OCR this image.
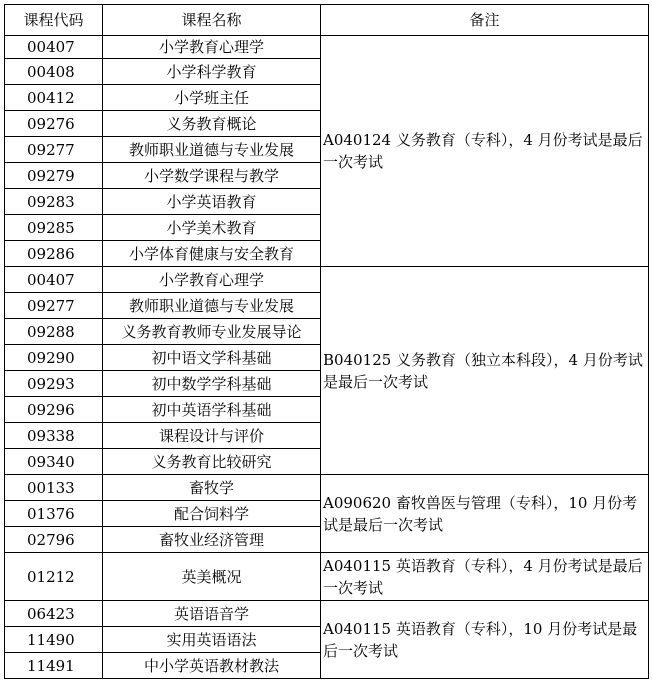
课程代码	课程名称	备注
00407	小学教育心理学	A040124 义务教育（专科），4 月份考试是最后一次考试
00408	小学科学教育	
00412	小学班主任	
09276	义务教育概论	
09277	教师职业道德与专业发展	
09279	小学数学课程与教学	
09283	小学英语教育	
09285	小学美术教育	
09286	小学体育健康与安全教育	
00407	小学教育心理学	B040125 义务教育（独立本科段），4 月份考试是最后一次考试
09277	教师职业道德与专业发展	
09288	义务教育教师专业发展导论	
09290	初中语文学科基础	
09293	初中数学学科基础	
09296	初中英语学科基础	
09338	课程设计与评价	
09340	义务教育比较研究	
00133	畜牧学	A090620 畜牧兽医与管理（专科），10 月份考试是最后一次考试
01376	配合饲料学	
02796	畜牧业经济管理	
01212	英美概况	A040115 英语教育（专科），4 月份考试是最后一次考试
06423	英语语音学	A040115 英语教育（专科），10 月份考试是最后一次考试
11490	实用英语语法	
11491	中小学英语教材教法	
